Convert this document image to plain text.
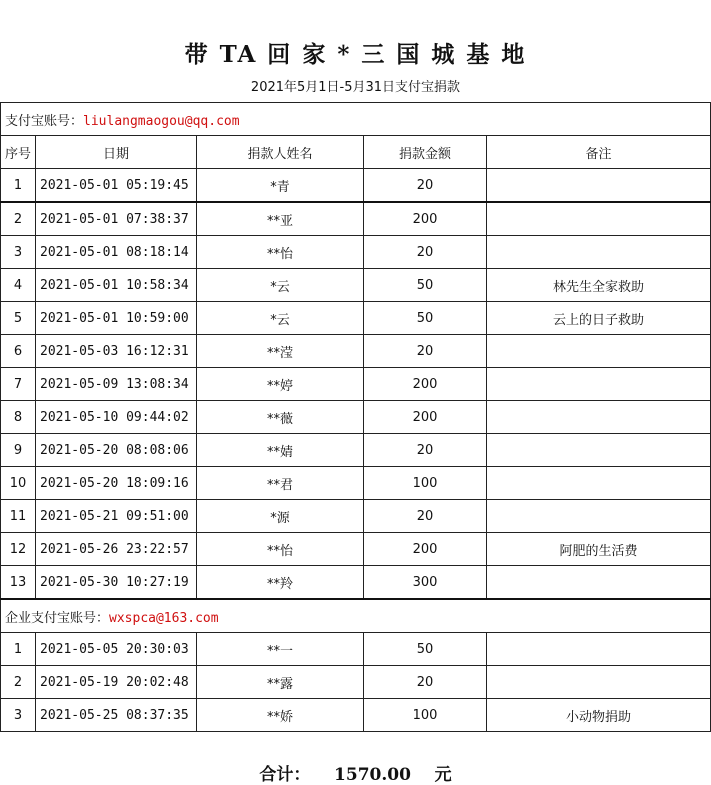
带 TA 回 家 * 三 国 城 基 地
2021年5月1日-5月31日支付宝捐款
支付宝账号：liulangmaogou@qq.com				
序号	日期	捐款人姓名	捐款金额	备注
1	2021-05-01 05:19:45	*青	20	
2	2021-05-01 07:38:37	**亚	200	
3	2021-05-01 08:18:14	**怡	20	
4	2021-05-01 10:58:34	*云	50	林先生全家救助
5	2021-05-01 10:59:00	*云	50	云上的日子救助
6	2021-05-03 16:12:31	**滢	20	
7	2021-05-09 13:08:34	**婷	200	
8	2021-05-10 09:44:02	**薇	200	
9	2021-05-20 08:08:06	**婧	20	
10	2021-05-20 18:09:16	**君	100	
11	2021-05-21 09:51:00	*源	20	
12	2021-05-26 23:22:57	**怡	200	阿肥的生活费
13	2021-05-30 10:27:19	**羚	300	
企业支付宝账号：wxspca@163.com				
1	2021-05-05 20:30:03	**一	50	
2	2021-05-19 20:02:48	**露	20	
3	2021-05-25 08:37:35	**娇	100	小动物捐助
合计： 1570.00 元
